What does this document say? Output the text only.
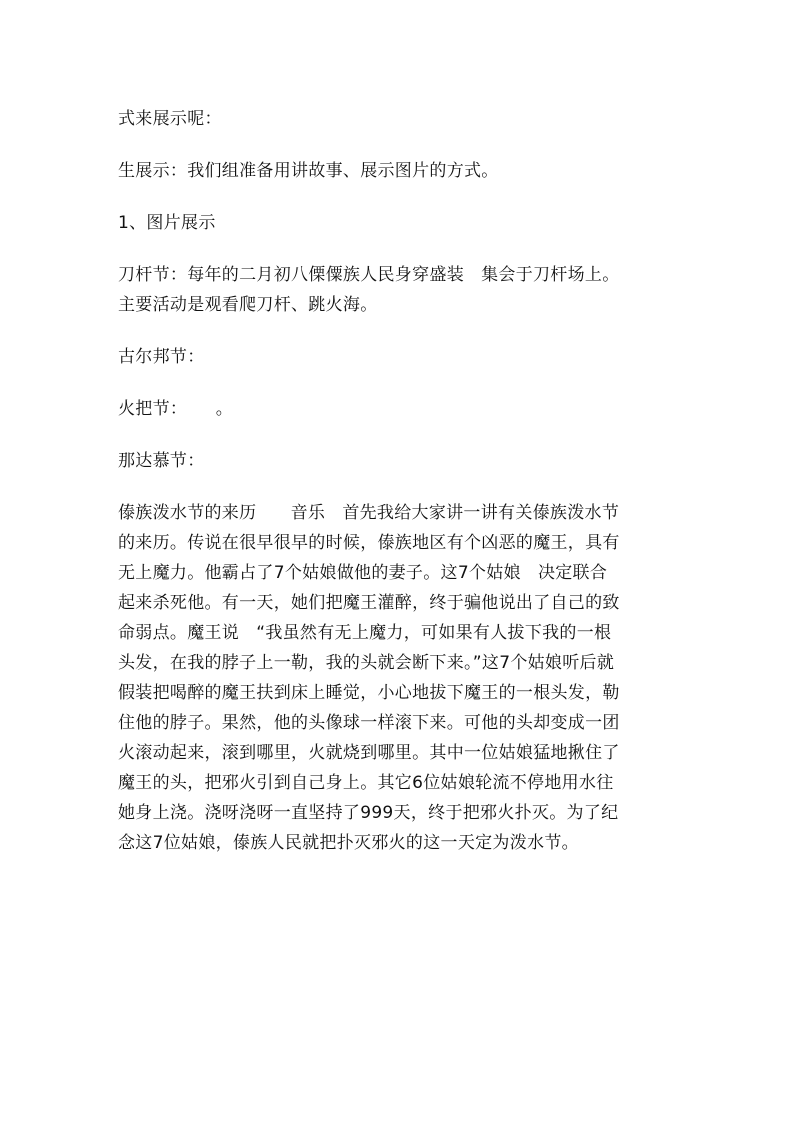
式来展示呢：

生展示：我们组准备用讲故事、展示图片的方式。

1、图片展示

刀杆节：每年的二月初八傈僳族人民身穿盛装   集会于刀杆场上。
主要活动是观看爬刀杆、跳火海。

古尔邦节：

火把节：     。

那达慕节：

傣族泼水节的来历      音乐   首先我给大家讲一讲有关傣族泼水节
的来历。传说在很早很早的时候，傣族地区有个凶恶的魔王，具有
无上魔力。他霸占了7个姑娘做他的妻子。这7个姑娘   决定联合
起来杀死他。有一天，她们把魔王灌醉，终于骗他说出了自己的致
命弱点。魔王说   “我虽然有无上魔力，可如果有人拔下我的一根
头发，在我的脖子上一勒，我的头就会断下来。”这7个姑娘听后就
假装把喝醉的魔王扶到床上睡觉，小心地拔下魔王的一根头发，勒
住他的脖子。果然，他的头像球一样滚下来。可他的头却变成一团
火滚动起来，滚到哪里，火就烧到哪里。其中一位姑娘猛地揪住了
魔王的头，把邪火引到自己身上。其它6位姑娘轮流不停地用水往
她身上浇。浇呀浇呀一直坚持了999天，终于把邪火扑灭。为了纪
念这7位姑娘，傣族人民就把扑灭邪火的这一天定为泼水节。
